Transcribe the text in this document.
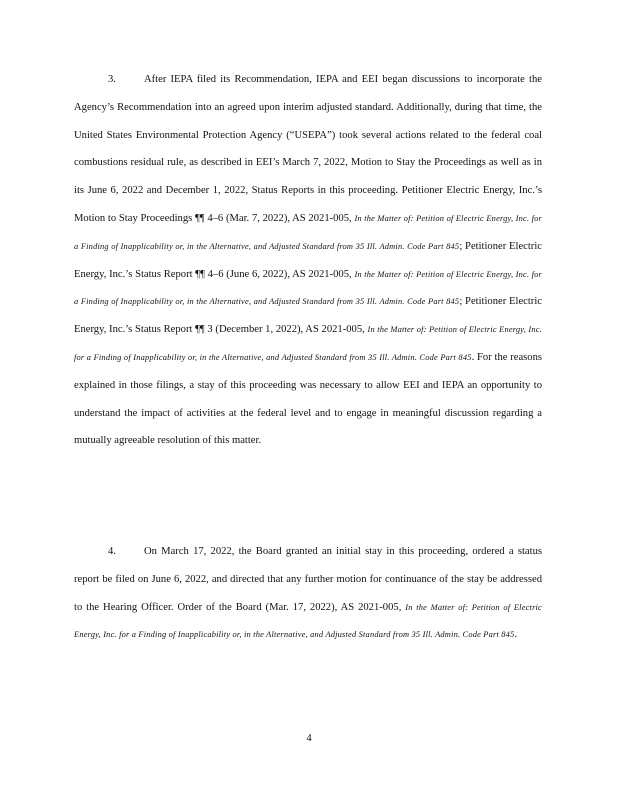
3.	After IEPA filed its Recommendation, IEPA and EEI began discussions to incorporate the Agency’s Recommendation into an agreed upon interim adjusted standard. Additionally, during that time, the United States Environmental Protection Agency (“USEPA”) took several actions related to the federal coal combustions residual rule, as described in EEI’s March 7, 2022, Motion to Stay the Proceedings as well as in its June 6, 2022 and December 1, 2022, Status Reports in this proceeding. Petitioner Electric Energy, Inc.’s Motion to Stay Proceedings ¶¶ 4–6 (Mar. 7, 2022), AS 2021-005, In the Matter of: Petition of Electric Energy, Inc. for a Finding of Inapplicability or, in the Alternative, and Adjusted Standard from 35 Ill. Admin. Code Part 845; Petitioner Electric Energy, Inc.’s Status Report ¶¶ 4–6 (June 6, 2022), AS 2021-005, In the Matter of: Petition of Electric Energy, Inc. for a Finding of Inapplicability or, in the Alternative, and Adjusted Standard from 35 Ill. Admin. Code Part 845; Petitioner Electric Energy, Inc.’s Status Report ¶¶ 3 (December 1, 2022), AS 2021-005, In the Matter of: Petition of Electric Energy, Inc. for a Finding of Inapplicability or, in the Alternative, and Adjusted Standard from 35 Ill. Admin. Code Part 845. For the reasons explained in those filings, a stay of this proceeding was necessary to allow EEI and IEPA an opportunity to understand the impact of activities at the federal level and to engage in meaningful discussion regarding a mutually agreeable resolution of this matter.
4.	On March 17, 2022, the Board granted an initial stay in this proceeding, ordered a status report be filed on June 6, 2022, and directed that any further motion for continuance of the stay be addressed to the Hearing Officer. Order of the Board (Mar. 17, 2022), AS 2021-005, In the Matter of: Petition of Electric Energy, Inc. for a Finding of Inapplicability or, in the Alternative, and Adjusted Standard from 35 Ill. Admin. Code Part 845.
4
